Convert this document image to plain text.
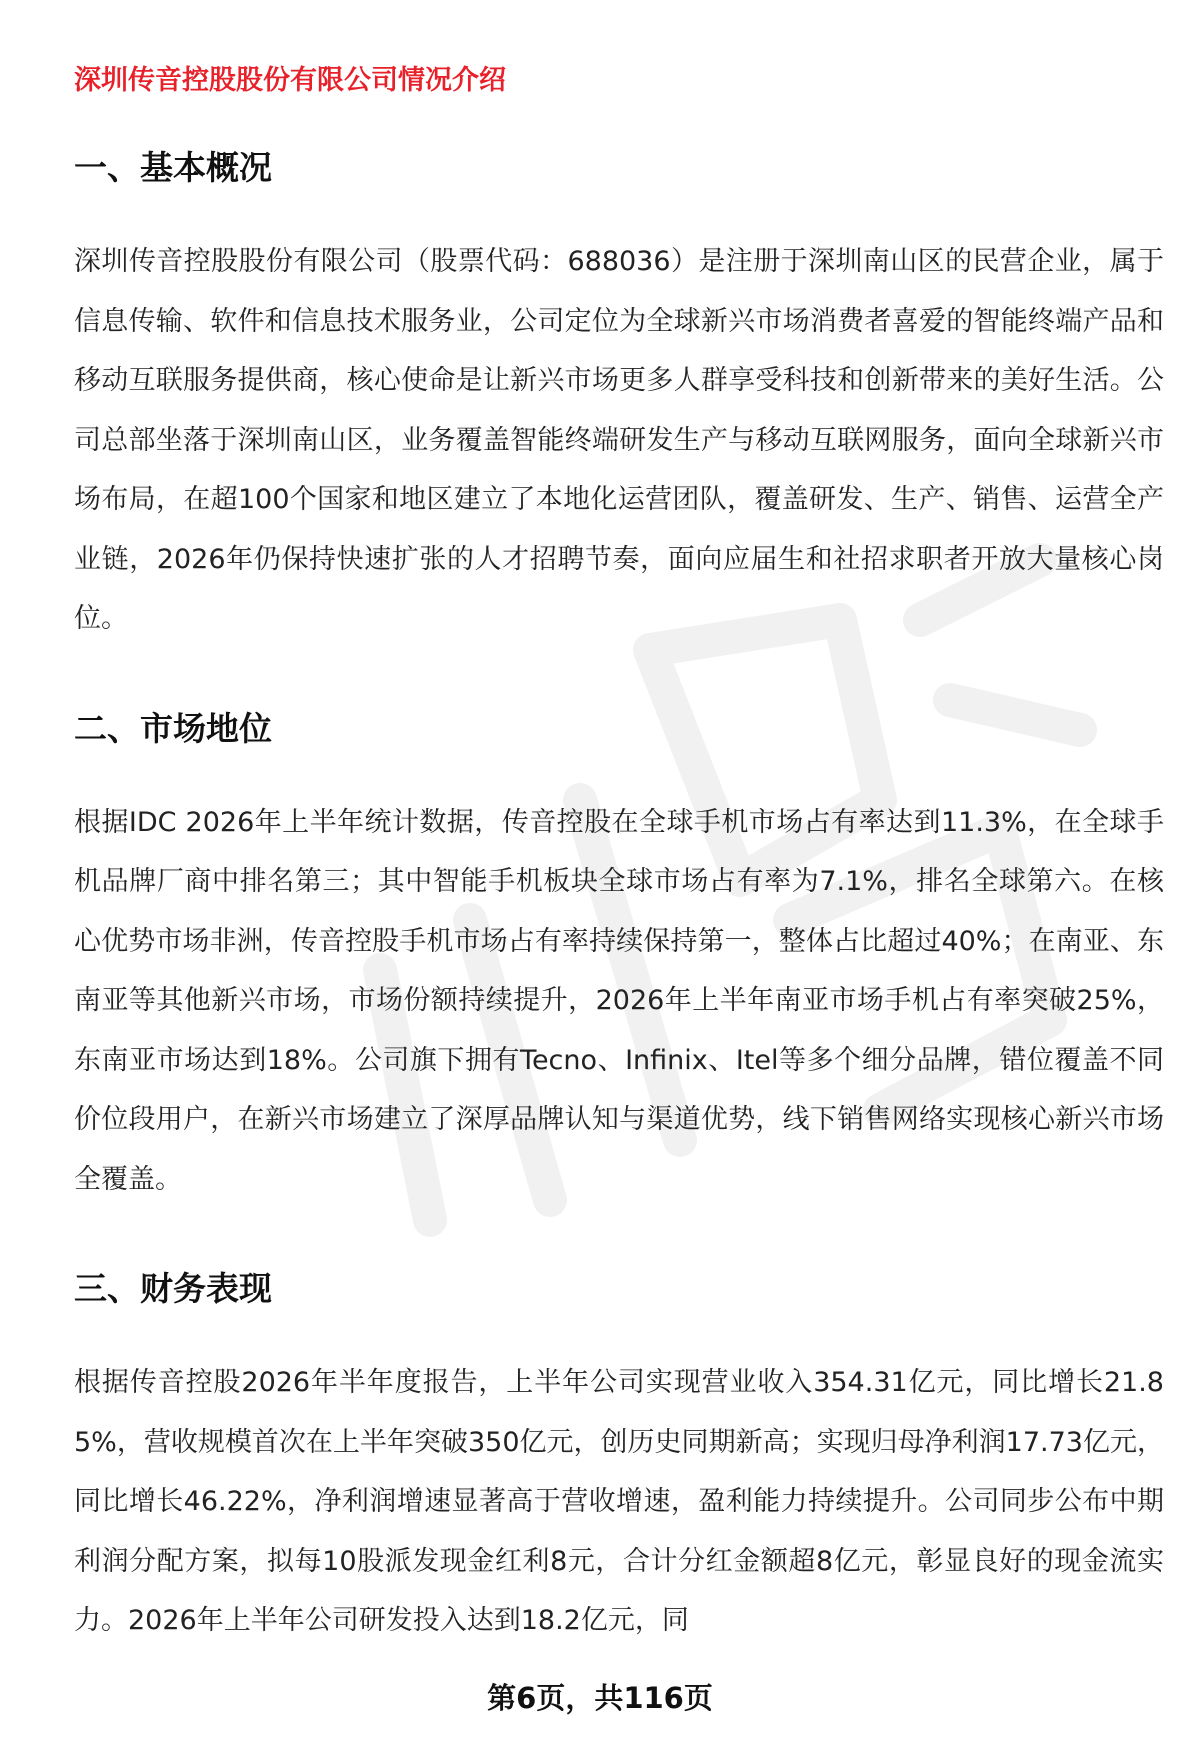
深圳传音控股股份有限公司情况介绍
一、基本概况

深圳传音控股股份有限公司（股票代码：688036）是注册于深圳南山区的民营企业，属于信息传输、软件和信息技术服务业，公司定位为全球新兴市场消费者喜爱的智能终端产品和移动互联服务提供商，核心使命是让新兴市场更多人群享受科技和创新带来的美好生活。公司总部坐落于深圳南山区，业务覆盖智能终端研发生产与移动互联网服务，面向全球新兴市场布局，在超100个国家和地区建立了本地化运营团队，覆盖研发、生产、销售、运营全产业链，2026年仍保持快速扩张的人才招聘节奏，面向应届生和社招求职者开放大量核心岗位。

二、市场地位

根据IDC 2026年上半年统计数据，传音控股在全球手机市场占有率达到11.3%，在全球手机品牌厂商中排名第三；其中智能手机板块全球市场占有率为7.1%，排名全球第六。在核心优势市场非洲，传音控股手机市场占有率持续保持第一，整体占比超过40%；在南亚、东南亚等其他新兴市场，市场份额持续提升，2026年上半年南亚市场手机占有率突破25%，东南亚市场达到18%。公司旗下拥有Tecno、Infinix、Itel等多个细分品牌，错位覆盖不同价位段用户，在新兴市场建立了深厚品牌认知与渠道优势，线下销售网络实现核心新兴市场全覆盖。

三、财务表现

根据传音控股2026年半年度报告，上半年公司实现营业收入354.31亿元，同比增长21.85%，营收规模首次在上半年突破350亿元，创历史同期新高；实现归母净利润17.73亿元，同比增长46.22%，净利润增速显著高于营收增速，盈利能力持续提升。公司同步公布中期利润分配方案，拟每10股派发现金红利8元，合计分红金额超8亿元，彰显良好的现金流实力。2026年上半年公司研发投入达到18.2亿元，同

第6页，共116页
